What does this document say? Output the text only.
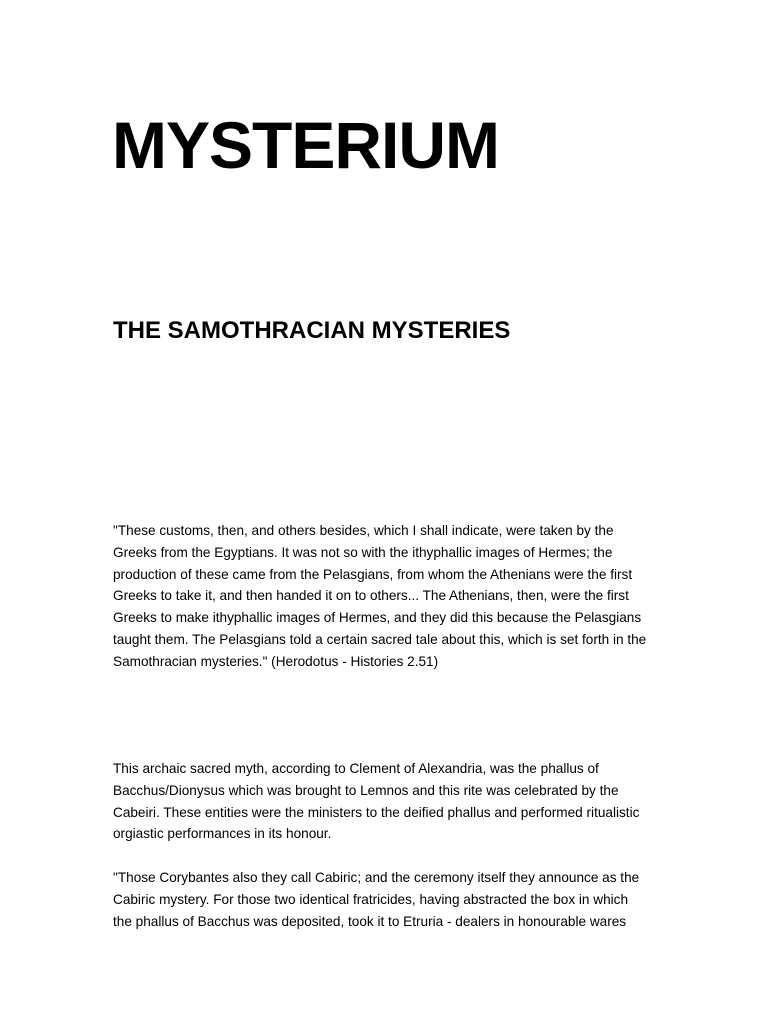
MYSTERIUM
THE SAMOTHRACIAN MYSTERIES

"These customs, then, and others besides, which I shall indicate, were taken by the
Greeks from the Egyptians. It was not so with the ithyphallic images of Hermes; the
production of these came from the Pelasgians, from whom the Athenians were the first
Greeks to take it, and then handed it on to others... The Athenians, then, were the first
Greeks to make ithyphallic images of Hermes, and they did this because the Pelasgians
taught them. The Pelasgians told a certain sacred tale about this, which is set forth in the
Samothracian mysteries." (Herodotus - Histories 2.51)

This archaic sacred myth, according to Clement of Alexandria, was the phallus of
Bacchus/Dionysus which was brought to Lemnos and this rite was celebrated by the
Cabeiri. These entities were the ministers to the deified phallus and performed ritualistic
orgiastic performances in its honour.

"Those Corybantes also they call Cabiric; and the ceremony itself they announce as the
Cabiric mystery. For those two identical fratricides, having abstracted the box in which
the phallus of Bacchus was deposited, took it to Etruria - dealers in honourable wares
